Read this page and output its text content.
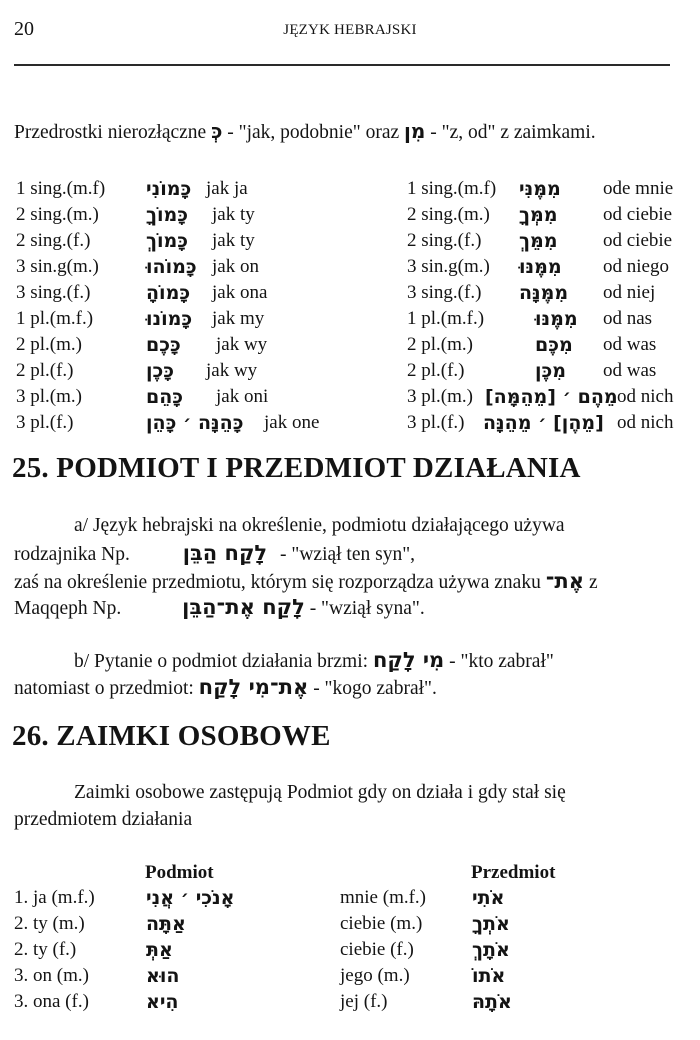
20	JĘZYK HEBRAJSKI
Przedrostki nierozłączne כְּ - "jak, podobnie" oraz מִן - "z, od" z zaimkami.
1 sing.(m.f) כָּמוֹנִי jak ja
2 sing.(m.) כָּמוֹךָ jak ty
2 sing.(f.)	כָּמוֹךְ jak ty
3 sin.g(m.) כָּמוֹהוּ jak on
3 sing.(f.)	כָּמוֹהָ jak ona
1 pl.(m.f.)	כָּמוֹנוּ jak my
2 pl.(m.)	כָּכֶם jak wy
2 pl.(f.)	כָּכֶן jak wy
3 pl.(m.)	כָּהֵם jak oni
3 pl.(f.)	כָּהֵנָּה ׳ כָּהֵן jak one
1 sing.(m.f) מִמֶּנִּי ode mnie
2 sing.(m.) מִמְּךָ od ciebie
2 sing.(f.) מִמֵּךְ od ciebie
3 sin.g(m.) מִמֶּנּוּ od niego
3 sing.(f.) מִמֶּנָּה od niej
1 pl.(m.f.)	מִמֶּנּוּ od nas
2 pl.(m.)	מִכֶּם od was
2 pl.(f.)	מִכֶּן od was
3 pl.(m.) מֵהֶם ׳ [מֵהֵמָּה] od nich
3 pl.(f.) [מֵהֶן] ׳ מֵהֵנָּה od nich
25. PODMIOT I PRZEDMIOT DZIAŁANIA
a/ Język hebrajski na określenie, podmiotu działającego używa
rodzajnika Np.	לָקַח הַבֵּן - "wziął ten syn",
zaś na określenie przedmiotu, którym się rozporządza używa znaku אֶת־ z
Maqqeph Np.	לָקַח אֶת־הַבֵּן - "wziął syna".
b/ Pytanie o podmiot działania brzmi: מִי לָקַח - "kto zabrał"
natomiast o przedmiot: אֶת־מִי לָקַח - "kogo zabrał".
26. ZAIMKI OSOBOWE
Zaimki osobowe zastępują Podmiot gdy on działa i gdy stał się
przedmiotem działania
Podmiot	Przedmiot
1. ja (m.f.)	אָנֹכִי ׳ אֲנִי	mnie (m.f.) אֹתִי
2. ty (m.)	אַתָּה	ciebie (m.)	אֹתְךָ
2. ty (f.)	אַתְּ	ciebie (f.)	אֹתָךְ
3. on (m.)	הוּא	jego (m.)	אֹתוֹ
3. ona (f.)	הִיא	jej (f.)	אֹתָהּ
